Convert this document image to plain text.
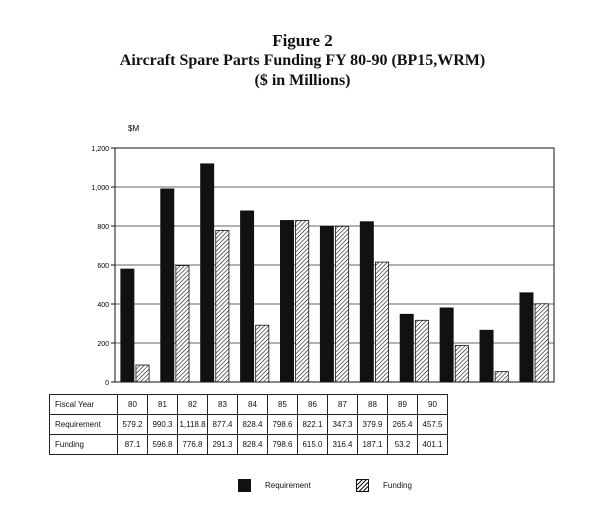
Figure 2
Aircraft Spare Parts Funding FY 80-90 (BP15,WRM)
($ in Millions)
$M
0
200
400
600
800
1,000
1,200
Fiscal Year	80	81	82	83	84	85	86	87	88	89	90
Requirement	579.2	990.3	1,118.8	877.4	828.4	798.6	822.1	347.3	379.9	265.4	457.5
Funding	87.1	596.8	776.8	291.3	828.4	798.6	615.0	316.4	187.1	53.2	401.1
Requirement	Funding
